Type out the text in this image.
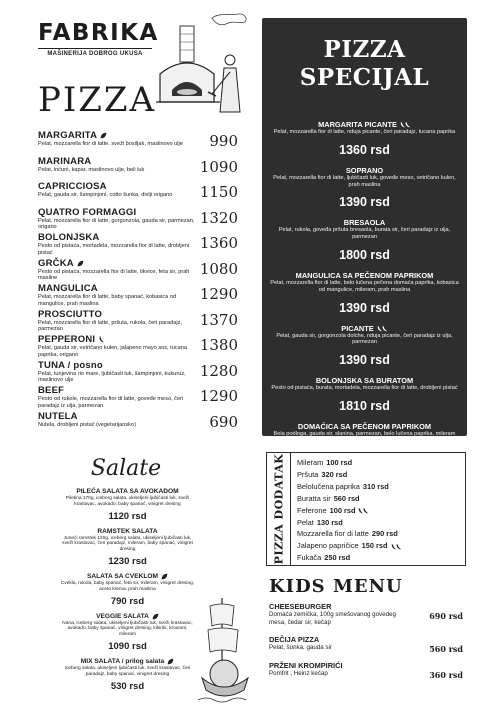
FABRIKA
MAŠINERIJA DOBROG UKUSA
PIZZA
MARGARITA
Pelat, mozzarella fior di latte, sveži bosiljak, maslinovo ulje	990
MARINARA
Pelat, inćuni, kapar, maslinovo ulje, beli luk	1090
CAPRICCIOSA
Pelat, gauda sir, šampinjoni, cotto šunka, divlji origano	1150
QUATRO FORMAGGI
Pelat, mozzarella fior di latte, gorgonzola, gauda sir, parmezan, origano
1320
BOLONJSKA
Pesto od pistaća, mortadela, mozzarella fior di latte, drobljeni pistać
1360
GRČKA
Pesto od pistaća, mozzarella fior di latte, tikvice, feta sir, prah masline
1080
MANGULICA
Pelat, mozzarella fior di latte, baby spanać, kobasica od mangulice, prah maslina
1290
PROSCIUTTO
Pelat, mozzarella fior di latte, pršuta, rukola, čeri paradajz, parmezan
1370
PEPPERONI
Pelat, gauda sir, vetričano kulen, jalapeno mayo sos, tucana paprika, origano
1380
TUNA / posno
Pelat, tunjevina rio mare, ljubičasti luk, šampinjoni, kukuruz, maslinovo ulje
1280
BEEF
Pesto od rukole, mozzarella fior di latte, goveđe meso, čeri paradajz iz ulja, parmezan
1290
NUTELA
Nutela, drobljeni pistać (vegetarijansko)	690
Salate
PILEĆA SALATA SA AVOKADOM
Piletina 170g, iceberg salata, ukiseljeni ljubičasti luk, sveži krastavac, avokado, baby spanać, vinigret dresing
1120 rsd
RAMSTEK SALATA
Juneći ramstek 120g, iceberg salata, ukiseljeni ljubičasti luk, sveži krastavac, čeri paradajz, mileram, baby spanać, vinigret dresing
1230 rsd
SALATA SA CVEKLOM
Cvekla, rukola, baby spanać, feta sir, mileram, vinigret dresing, aceto krema, prah maslina
790 rsd
VEGGIE SALATA
Nana, iceberg salata, ukiseljeni ljubičasti luk, sveži krastavac, avokado, baby spanać, vinigret dresing, kikiriki, kroutoni, mileram
1090 rsd
MIX SALATA / prilog salata
Iceberg salata, ukiseljeni ljubičasti luk, sveži krastavac, čeri paradajz, baby spanać, vinigret dresing
530 rsd
PIZZA SPECIJAL
MARGARITA PICANTE
Pelat, mozzarella fior di latte, nduja picante, čeri paradajz, tucana paprika
1360 rsd
SOPRANO
Pelat, mozzarella fior di latte, ljubičasti luk, goveđe meso, vetričano kulen, prah maslina
1390 rsd
BRESAOLA
Pelat, rukola, goveđa pršuta bresaola, burata sir, čeri paradajz iz ulja, parmezan
1800 rsd
MANGULICA SA PEČENOM PAPRIKOM
Pelat, mozzarella fior di latte, belo lučena pečena domaća paprika, kobasica od mangulice, mileram, prah maslina
1390 rsd
PICANTE
Pelat, gauda sir, gorgonzola dolche, nduja picante, čeri paradajz iz ulja, parmezan
1390 rsd
BOLONJSKA SA BURATOM
Pesto od pistaća, burata, mortadela, mozzarella fior di latte, drobljeni pistać
1810 rsd
DOMAĆICA SA PEČENOM PAPRIKOM
Bela podloga, gauda sir, slanina, parmezan, belo lučena paprika, mileram
1440 rsd
PIZZA DODATAK Mileram 100 rsd
Pršuta 320 rsd
Belolučena paprika 310 rsd
Buratta sir 560 rsd
Feferone 100 rsd
Pelat 130 rsd
Mozzarella fior di latte 290 rsd
Jalapeno papričice 150 rsd
Fukača 250 rsd
KIDS MENU
CHEESEBURGER
Domaća zemička, 100g smešovanog govedeg mesa, čedar sir, kečap
690 rsd
DEČIJA PIZZA
Pelat, šunka, gauda sir	560 rsd
PRŽENI KROMPIRIĆI
Pomfrit , Heinz kečap	360 rsd
